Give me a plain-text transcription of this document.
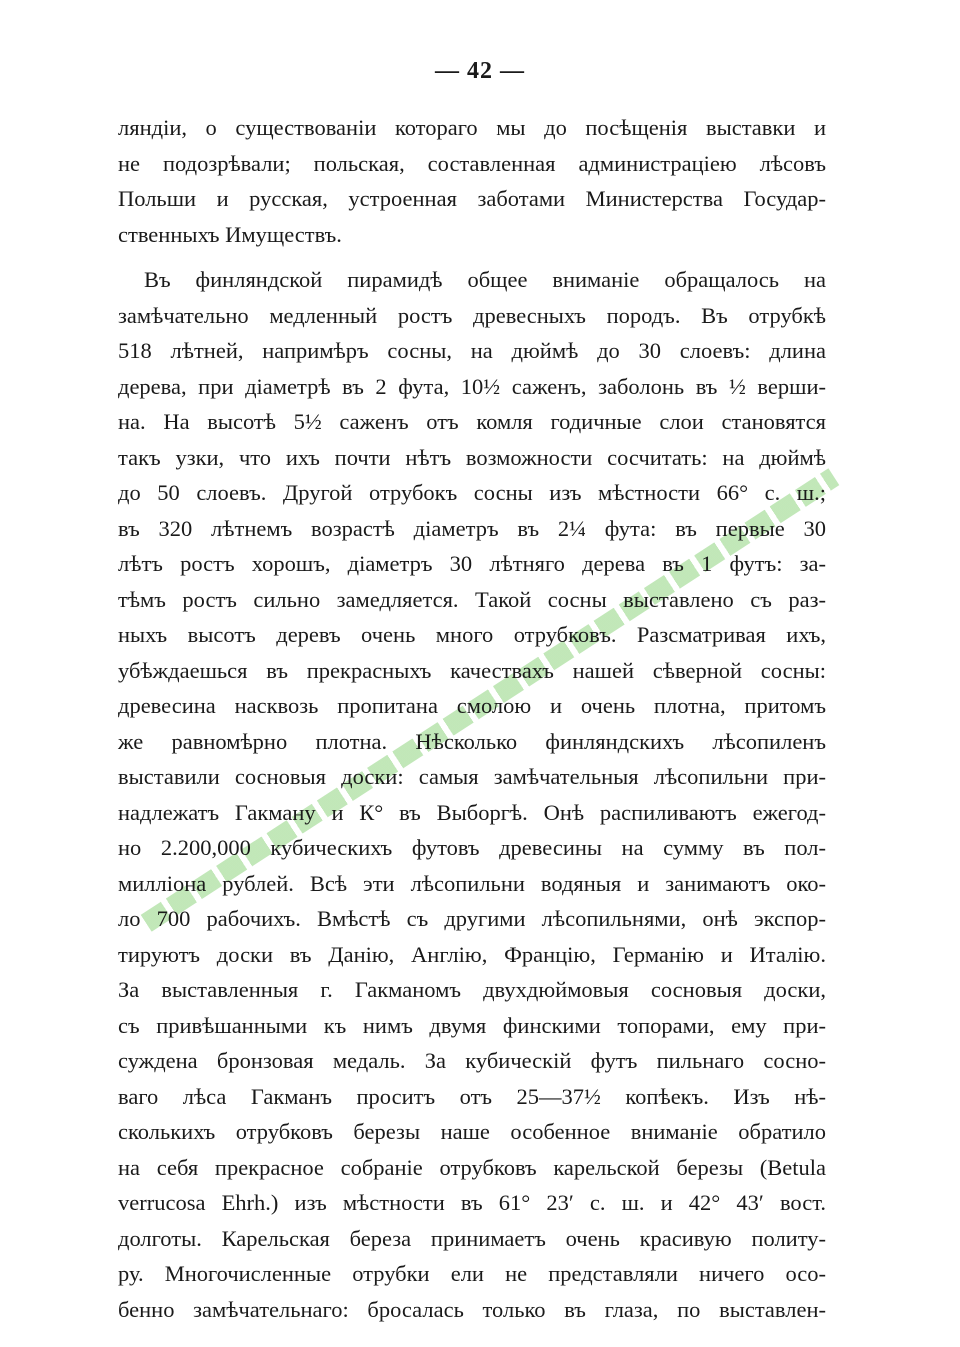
— 42 —
ляндіи, о существованіи котораго мы до посѣщенія выставки и
не подозрѣвали; польская, составленная администраціею лѣсовъ
Польши и русская, устроенная заботами Министерства Государ-
ственныхъ Имуществъ.
Въ финляндской пирамидѣ общее вниманіе обращалось на
замѣчательно медленный ростъ древесныхъ породъ. Въ отрубкѣ
518 лѣтней, напримѣръ сосны, на дюймѣ до 30 слоевъ: длина
дерева, при діаметрѣ въ 2 фута, 10½ саженъ, заболонь въ ½ верши-
на. На высотѣ 5½ саженъ отъ комля годичные слои становятся
такъ узки, что ихъ почти нѣтъ возможности сосчитать: на дюймѣ
до 50 слоевъ. Другой отрубокъ сосны изъ мѣстности 66° с. ш.;
въ 320 лѣтнемъ возрастѣ діаметръ въ 2¼ фута: въ первые 30
лѣтъ ростъ хорошъ, діаметръ 30 лѣтняго дерева въ 1 футъ: за-
тѣмъ ростъ сильно замедляется. Такой сосны выставлено съ раз-
ныхъ высотъ деревъ очень много отрубковъ. Разсматривая ихъ,
убѣждаешься въ прекрасныхъ качествахъ нашей сѣверной сосны:
древесина насквозь пропитана смолою и очень плотна, притомъ
же равномѣрно плотна. Нѣсколько финляндскихъ лѣсопиленъ
выставили сосновыя доски: самыя замѣчательныя лѣсопильни при-
надлежатъ Гакману и К° въ Выборгѣ. Онѣ распиливаютъ ежегод-
но 2.200,000 кубическихъ футовъ древесины на сумму въ пол-
милліона рублей. Всѣ эти лѣсопильни водяныя и занимаютъ око-
ло 700 рабочихъ. Вмѣстѣ съ другими лѣсопильнями, онѣ экспор-
тируютъ доски въ Данію, Англію, Францію, Германію и Италію.
За выставленныя г. Гакманомъ двухдюймовыя сосновыя доски,
съ привѣшанными къ нимъ двумя финскими топорами, ему при-
суждена бронзовая медаль. За кубическій футъ пильнаго сосно-
ваго лѣса Гакманъ проситъ отъ 25—37½ копѣекъ. Изъ нѣ-
сколькихъ отрубковъ березы наше особенное вниманіе обратило
на себя прекрасное собраніе отрубковъ карельской березы (Betula
verrucosa Ehrh.) изъ мѣстности въ 61° 23′ с. ш. и 42° 43′ вост.
долготы. Карельская береза принимаетъ очень красивую политу-
ру. Многочисленные отрубки ели не представляли ничего осо-
бенно замѣчательнаго: бросалась только въ глаза, по выставлен-
